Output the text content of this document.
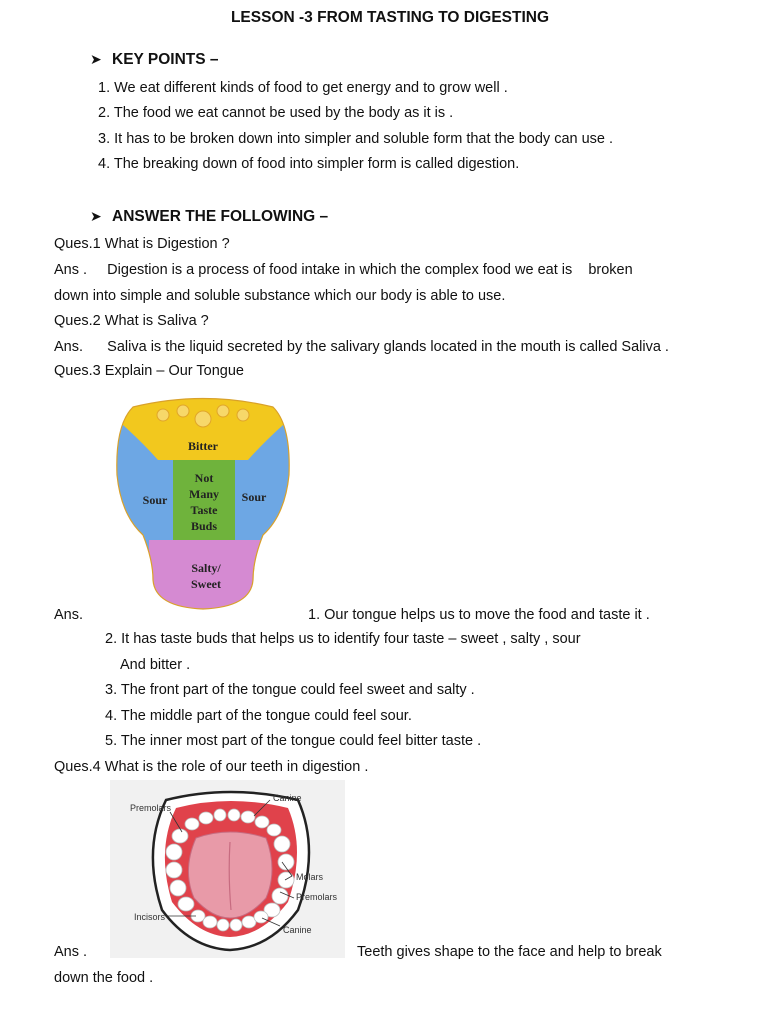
LESSON -3 FROM TASTING TO DIGESTING
➤ KEY POINTS –
1. We eat different kinds of food to get energy and to grow well .
2. The food we eat cannot be used by the body as it is .
3. It has to be broken down into simpler and soluble form that the body can use .
4. The breaking down of food into simpler form is called digestion.
➤ ANSWER THE FOLLOWING –
Ques.1 What is Digestion ?
Ans .     Digestion is a process of food intake in which the complex food we eat is    broken
down into simple and soluble substance which our body is able to use.
Ques.2 What is Saliva ?
Ans.      Saliva is the liquid secreted by the salivary glands located in the mouth is called Saliva .
Ques.3 Explain – Our Tongue
Bitter
Not
Many
Taste
Buds
Sour	Sour
Salty/
Sweet
Ans.	1. Our tongue helps us to move the food and taste it .
2. It has taste buds that helps us to identify four taste – sweet , salty , sour
And bitter .
3. The front part of the tongue could feel sweet and salty .
4. The middle part of the tongue could feel sour.
5. The inner most part of the tongue could feel bitter taste .
Ques.4 What is the role of our teeth in digestion .
Canine
Premolars
Molars
Premolars
Incisors
Canine
Ans .	Teeth gives shape to the face and help to break
down the food .
